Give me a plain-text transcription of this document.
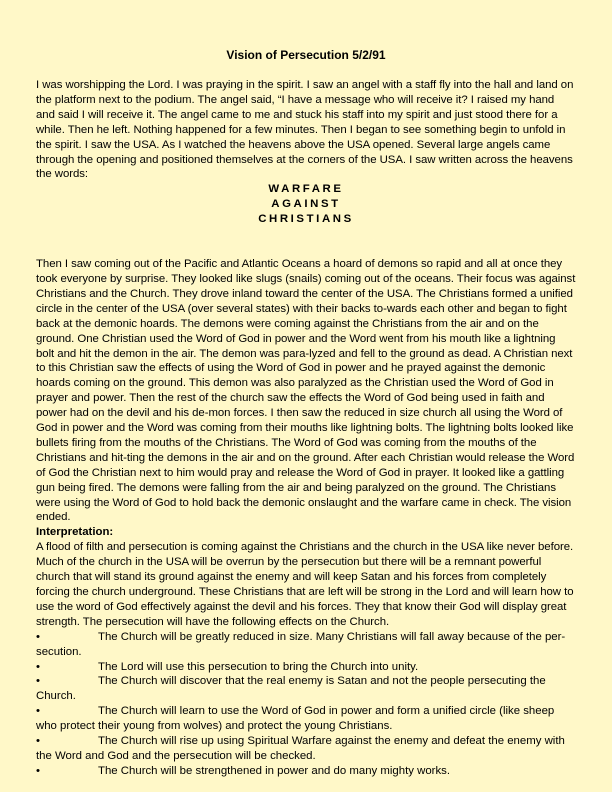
Vision of Persecution 5/2/91

I was worshipping the Lord. I was praying in the spirit. I saw an angel with a staff fly into the hall and land on the platform next to the podium. The angel said, “I have a message who will receive it? I raised my hand and said I will receive it. The angel came to me and stuck his staff into my spirit and just stood there for a while. Then he left. Nothing happened for a few minutes. Then I began to see something begin to unfold in the spirit. I saw the USA. As I watched the heavens above the USA opened. Several large angels came through the opening and positioned themselves at the corners of the USA. I saw written across the heavens the words:

WARFARE
AGAINST
CHRISTIANS

Then I saw coming out of the Pacific and Atlantic Oceans a hoard of demons so rapid and all at once they took everyone by surprise. They looked like slugs (snails) coming out of the oceans. Their focus was against Christians and the Church. They drove inland toward the center of the USA. The Christians formed a unified circle in the center of the USA (over several states) with their backs to-wards each other and began to fight back at the demonic hoards. The demons were coming against the Christians from the air and on the ground. One Christian used the Word of God in power and the Word went from his mouth like a lightning bolt and hit the demon in the air. The demon was para-lyzed and fell to the ground as dead. A Christian next to this Christian saw the effects of using the Word of God in power and he prayed against the demonic hoards coming on the ground. This demon was also paralyzed as the Christian used the Word of God in prayer and power. Then the rest of the church saw the effects the Word of God being used in faith and power had on the devil and his de-mon forces. I then saw the reduced in size church all using the Word of God in power and the Word was coming from their mouths like lightning bolts. The lightning bolts looked like bullets firing from the mouths of the Christians. The Word of God was coming from the mouths of the Christians and hit-ting the demons in the air and on the ground. After each Christian would release the Word of God the Christian next to him would pray and release the Word of God in prayer. It looked like a gattling gun being fired. The demons were falling from the air and being paralyzed on the ground. The Christians were using the Word of God to hold back the demonic onslaught and the warfare came in check. The vision ended.

Interpretation:

A flood of filth and persecution is coming against the Christians and the church in the USA like never before. Much of the church in the USA will be overrun by the persecution but there will be a remnant powerful church that will stand its ground against the enemy and will keep Satan and his forces from completely forcing the church underground. These Christians that are left will be strong in the Lord and will learn how to use the word of God effectively against the devil and his forces. They that know their God will display great strength. The persecution will have the following effects on the Church.

•	The Church will be greatly reduced in size. Many Christians will fall away because of the per-secution.
•	The Lord will use this persecution to bring the Church into unity.
•	The Church will discover that the real enemy is Satan and not the people persecuting the Church.
•	The Church will learn to use the Word of God in power and form a unified circle (like sheep who protect their young from wolves) and protect the young Christians.
•	The Church will rise up using Spiritual Warfare against the enemy and defeat the enemy with the Word and God and the persecution will be checked.
•	The Church will be strengthened in power and do many mighty works.
